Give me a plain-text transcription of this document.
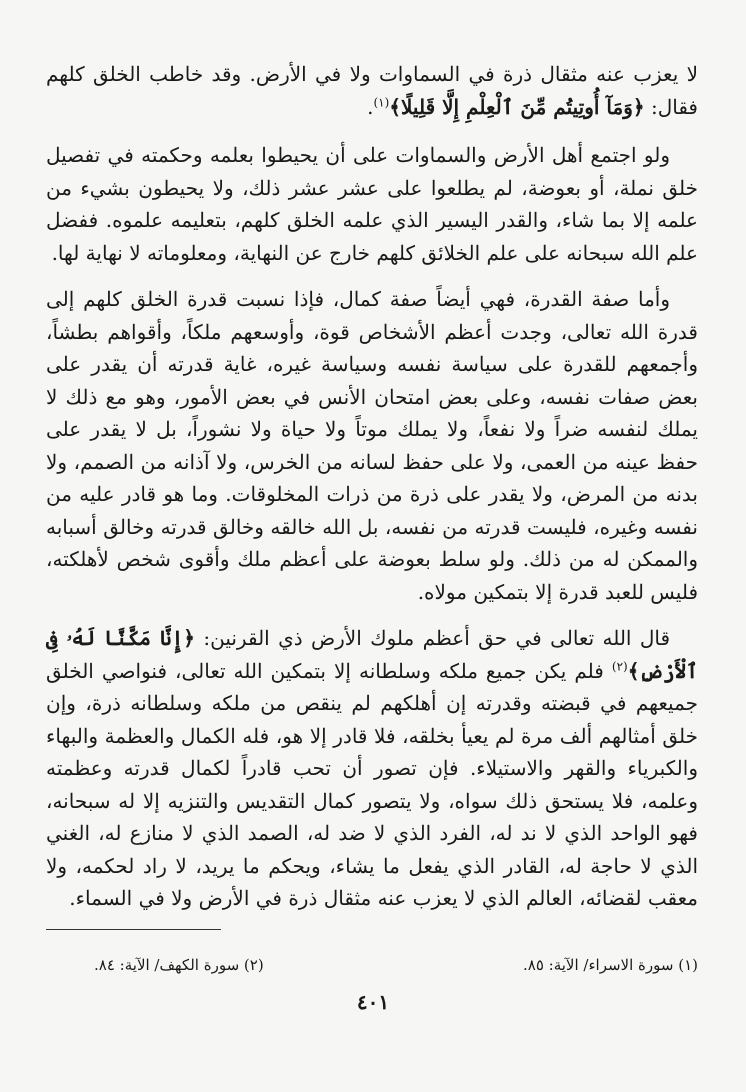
لا يعزب عنه مثقال ذرة في السماوات ولا في الأرض. وقد خاطب الخلق كلهم فقال: ﴿وَمَآ أُوتِيتُم مِّنَ ٱلْعِلْمِ إِلَّا قَلِيلًا﴾$^{(١)}$.

ولو اجتمع أهل الأرض والسماوات على أن يحيطوا بعلمه وحكمته في تفصيل خلق نملة، أو بعوضة، لم يطلعوا على عشر عشر ذلك، ولا يحيطون بشيء من علمه إلا بما شاء، والقدر اليسير الذي علمه الخلق كلهم، بتعليمه علموه. ففضل علم الله سبحانه على علم الخلائق كلهم خارج عن النهاية، ومعلوماته لا نهاية لها.

وأما صفة القدرة، فهي أيضاً صفة كمال، فإذا نسبت قدرة الخلق كلهم إلى قدرة الله تعالى، وجدت أعظم الأشخاص قوة، وأوسعهم ملكاً، وأقواهم بطشاً، وأجمعهم للقدرة على سياسة نفسه وسياسة غيره، غاية قدرته أن يقدر على بعض صفات نفسه، وعلى بعض امتحان الأنس في بعض الأمور، وهو مع ذلك لا يملك لنفسه ضراً ولا نفعاً، ولا يملك موتاً ولا حياة ولا نشوراً، بل لا يقدر على حفظ عينه من العمى، ولا على حفظ لسانه من الخرس، ولا آذانه من الصمم، ولا بدنه من المرض، ولا يقدر على ذرة من ذرات المخلوقات. وما هو قادر عليه من نفسه وغيره، فليست قدرته من نفسه، بل الله خالقه وخالق قدرته وخالق أسبابه والممكن له من ذلك. ولو سلط بعوضة على أعظم ملك وأقوى شخص لأهلكته، فليس للعبد قدرة إلا بتمكين مولاه.

قال الله تعالى في حق أعظم ملوك الأرض ذي القرنين: ﴿إِنَّا مَكَّنَّا لَهُۥ فِى ٱلْأَرْضِ﴾$^{(٢)}$ فلم يكن جميع ملكه وسلطانه إلا بتمكين الله تعالى، فنواصي الخلق جميعهم في قبضته وقدرته إن أهلكهم لم ينقص من ملكه وسلطانه ذرة، وإن خلق أمثالهم ألف مرة لم يعيأ بخلقه، فلا قادر إلا هو، فله الكمال والعظمة والبهاء والكبرياء والقهر والاستيلاء. فإن تصور أن تحب قادراً لكمال قدرته وعظمته وعلمه، فلا يستحق ذلك سواه، ولا يتصور كمال التقديس والتنزيه إلا له سبحانه، فهو الواحد الذي لا ند له، الفرد الذي لا ضد له، الصمد الذي لا منازع له، الغني الذي لا حاجة له، القادر الذي يفعل ما يشاء، ويحكم ما يريد، لا راد لحكمه، ولا معقب لقضائه، العالم الذي لا يعزب عنه مثقال ذرة في الأرض ولا في السماء.

(١) سورة الاسراء/ الآية: ٨٥.
(٢) سورة الكهف/ الآية: ٨٤.
٤٠١
